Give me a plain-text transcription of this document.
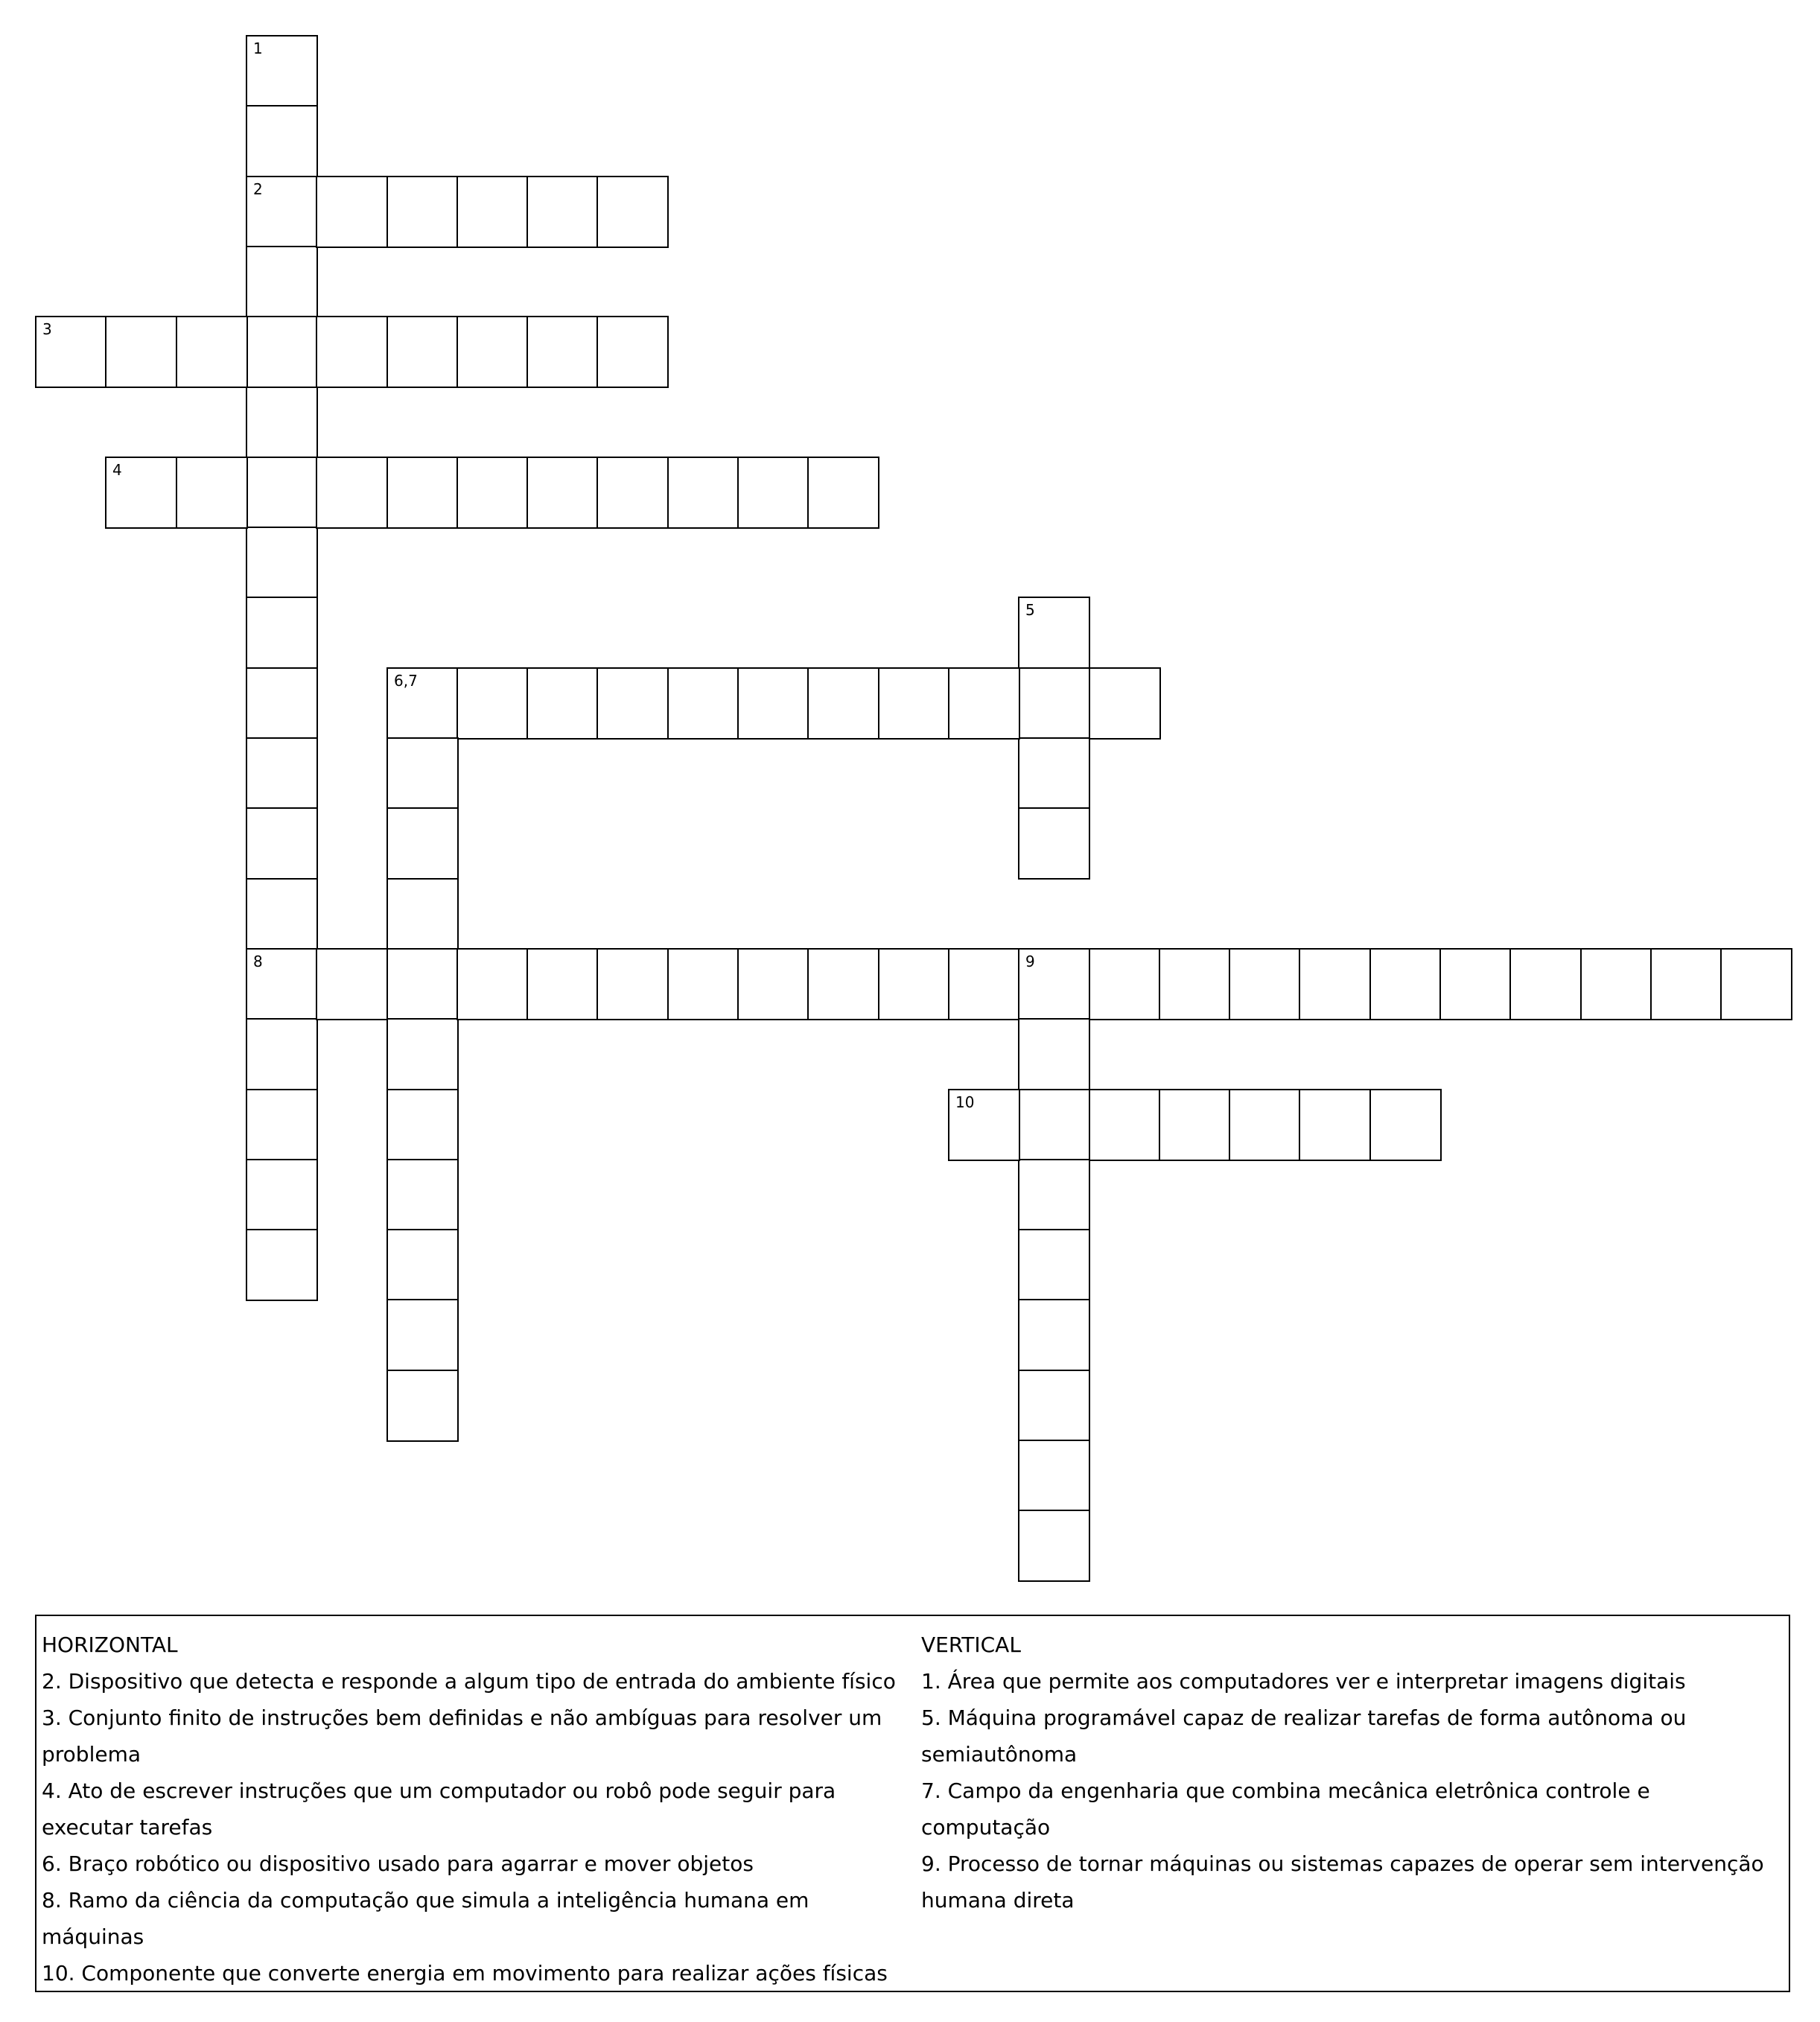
1
2
8
3
4
5
6,7
9
10
HORIZONTAL
2. Dispositivo que detecta e responde a algum tipo de entrada do ambiente físico
3. Conjunto finito de instruções bem definidas e não ambíguas para resolver um problema
4. Ato de escrever instruções que um computador ou robô pode seguir para executar tarefas
6. Braço robótico ou dispositivo usado para agarrar e mover objetos
8. Ramo da ciência da computação que simula a inteligência humana em máquinas
10. Componente que converte energia em movimento para realizar ações físicas
VERTICAL
1. Área que permite aos computadores ver e interpretar imagens digitais
5. Máquina programável capaz de realizar tarefas de forma autônoma ou semiautônoma
7. Campo da engenharia que combina mecânica eletrônica controle e computação
9. Processo de tornar máquinas ou sistemas capazes de operar sem intervenção humana direta
